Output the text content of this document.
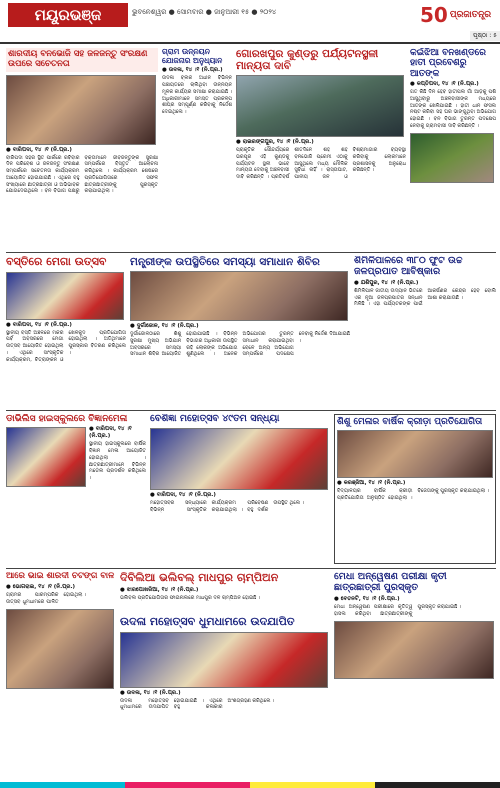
ମୟୂରଭଞ୍ଜ	ଭୁବନେଶ୍ୱର ● ସୋମବାର ● ଜାନୁଆରୀ ୧୫ ● ୨୦୨୪	50 ପ୍ରଜାତନ୍ତ୍ର
ପୃଷ୍ଠା : ୫
ଶାରଦୀୟ ବନଭୋଜି ସହ ଜଳଜନ୍ତୁ ସଂରକ୍ଷଣ ଉପରେ ସଚେତନତା
● ବାରିପଦା, ୧୪ ।୧ (ନି.ପ୍ର.)
ବାରିପଦା ସହର ସ୍ଥିତ ପାର୍କରେ ରବିବାର ଦିନ ପରିବେଶ ଓ ଜଳଜନ୍ତୁ ସଂରକ୍ଷଣ ସମ୍ପର୍କରେ ସଚେତନତା କାର୍ଯ୍ୟକ୍ରମ ଆୟୋଜିତ ହୋଇଯାଇଛି । ଏଥିରେ ବହୁ ସଂଖ୍ୟାରେ ଛାତ୍ରଛାତ୍ରୀ ଓ ଅଭିଭାବକ ଯୋଗଦେଇଥିଲେ । ବନ ବିଭାଗ ପକ୍ଷରୁ ବକ୍ତାମାନେ ଜୀବଜନ୍ତୁଙ୍କ ସୁରକ୍ଷା ସମ୍ପର୍କରେ ବିସ୍ତୃତ ଆଲୋଚନା କରିଥିଲେ । କାର୍ଯ୍ୟକ୍ରମ ଶେଷରେ ପ୍ରତିଯୋଗିତାରେ ସଫଳ ଛାତ୍ରଛାତ୍ରୀଙ୍କୁ ପୁରସ୍କୃତ କରାଯାଇଥିଲା ।
ଗ୍ରାମ ଉନ୍ନୟନ ଯୋଜନାର ଅନୁଧ୍ୟାନ
● ଉଦଳା, ୧୪ ।୧ (ନି.ପ୍ର.)
ଉଦଳା ବ୍ଲକ ଅଧୀନ ବିଭିନ୍ନ ପଞ୍ଚାୟତରେ ଚାଲିଥିବା ଉନ୍ନୟନ ମୂଳକ କାର୍ଯ୍ୟର ସମୀକ୍ଷା କରାଯାଇଛି । ଅଧିକାରୀମାନେ ସମସ୍ତ ପ୍ରକଳ୍ପ ଶୀଘ୍ର ସମ୍ପୂର୍ଣ୍ଣ କରିବାକୁ ନିର୍ଦ୍ଦେଶ ଦେଇଥିଲେ ।
ଗୋରଖପୁର କୁଣ୍ଡରୁ ପର୍ଯ୍ୟଟନସ୍ଥଳୀ ମାନ୍ୟତା ଦାବି
● ରାଇରଙ୍ଗପୁର, ୧୪ ।୧ (ନି.ପ୍ର.)
ପ୍ରାକୃତିକ ସୌନ୍ଦର୍ଯ୍ୟରେ ଭରପୂର ଏହି କୁଣ୍ଡକୁ ପର୍ଯ୍ୟଟନ ସ୍ଥଳୀ ଭାବେ ମାନ୍ୟତା ଦେବାକୁ ଅଞ୍ଚଳବାସୀ ଦାବି କରିଛନ୍ତି । ପ୍ରତିବର୍ଷ ଶୀତଦିନେ ଶହ ଶହ ବନଭୋଜି ପ୍ରେମୀ ଏଠାକୁ ଆସୁଥିଲେ ମଧ୍ୟ ମୌଳିକ ସୁବିଧା ନାହିଁ । ରାସ୍ତାଘାଟ, ପାନୀୟ ଜଳ ଓ ବିଶ୍ରାମାଗାର ବ୍ୟବସ୍ଥା କରିବାକୁ ଲୋକମାନେ ପ୍ରଶାସନକୁ ଅନୁରୋଧ କରିଛନ୍ତି ।
କଇଁଝିଆ ବନଖଣ୍ଡରେ ହାତୀ ପ୍ରବେଶରୁ ଆତଙ୍କ
● କପ୍ତିପଦା, ୧୪ ।୧ (ନି.ପ୍ର.)
ଗତ କିଛି ଦିନ ହେବ ହାତୀପଲ ଗାଁ ଆଡ଼କୁ ପଶି ଆସୁଥିବାରୁ ଅଞ୍ଚଳବାସୀଙ୍କ ମଧ୍ୟରେ ଆତଙ୍କ ଖେଳିଯାଇଛି । ହାତୀ ଧାନ ଫସଲ ନଷ୍ଟ କରିବା ସହ ଘର ଭାଙ୍ଗୁଥିବା ଅଭିଯୋଗ ହୋଇଛି । ବନ ବିଭାଗ ତୁରନ୍ତ ପଦକ୍ଷେପ ନେବାକୁ ଗ୍ରାମବାସୀ ଦାବି କରିଛନ୍ତି ।
ବସ୍ତିରେ ମେଗା ଉତ୍ସବ
● ବାରିପଦା, ୧୪ ।୧ (ନି.ପ୍ର.)
ସ୍ଥାନୀୟ ବସ୍ତି ଅଞ୍ଚଳରେ ମକର ପର୍ବ ଅବସରରେ ମେଗା ଉତ୍ସବ ଆୟୋଜିତ ହୋଇଥିଲା । ଏଥିରେ ସାଂସ୍କୃତିକ କାର୍ଯ୍ୟକ୍ରମ, ଚିତ୍ରାଙ୍କନ ଓ ଖେଳକୁଦ ପ୍ରତିଯୋଗିତା ହୋଇଥିଲା । ଅତିଥିମାନେ ପୁରସ୍କାର ବିତରଣ କରିଥିଲେ ।
ମନ୍ତ୍ରୀଙ୍କ ଉପସ୍ଥିତିରେ ସମସ୍ୟା ସମାଧାନ ଶିବିର
● ଦୁର୍ଗାଜୋଳ, ୧୪ ।୧ (ନି.ପ୍ର.)
ଦୁର୍ଗାଜୋଳଠାରେ ଶିଶୁ ସୁରକ୍ଷା ମୁଖ୍ୟ ଅଭିଯାନ ଅବସରରେ ସମସ୍ୟା ସମାଧାନ ଶିବିର ଆୟୋଜିତ ହୋଇଯାଇଛି । ବିଭିନ୍ନ ବିଭାଗର ଅଧିକାରୀ ଉପସ୍ଥିତ ରହି ଲୋକଙ୍କ ଅଭିଯୋଗ ଶୁଣିଥିଲେ । ଅନେକ ଅଭିଯୋଗର ତୁରନ୍ତ ସମାଧାନ କରାଯାଇଥିବା ବେଳେ ଅନ୍ୟ ଅଭିଯୋଗ ସମ୍ପର୍କରେ ପଦକ୍ଷେପ ନେବାକୁ ନିର୍ଦ୍ଦେଶ ଦିଆଯାଇଛି ।
ଶିମିଳିପାଳରେ ୩୮୦ ଫୁଟ ଉଚ୍ଚ ଜଳପ୍ରପାତ ଆବିଷ୍କାର
● ଯଶିପୁର, ୧୪ ।୧ (ନି.ପ୍ର.)
ଶିମିଳିପାଳ ଜାତୀୟ ଉଦ୍ୟାନ ଭିତରେ ଏକ ନୂଆ ଜଳପ୍ରପାତର ସନ୍ଧାନ ମିଳିଛି । ଏହା ପର୍ଯ୍ୟଟକଙ୍କ ପାଇଁ ଆକର୍ଷଣର କେନ୍ଦ୍ର ହେବ ବୋଲି ଆଶା କରାଯାଉଛି ।
ଡାଭିଲିସ ହାଇସ୍କୁଲରେ ବିଜ୍ଞାନମେଳା
● ବାରିପଦା, ୧୪ ।୧ (ନି.ପ୍ର.)
ସ୍ଥାନୀୟ ହାଇସ୍କୁଲରେ ବାର୍ଷିକ ବିଜ୍ଞାନ ମେଳା ଆୟୋଜିତ ହୋଇଥିଲା । ଛାତ୍ରଛାତ୍ରୀମାନେ ବିଭିନ୍ନ ମଡେଲ ପ୍ରଦର୍ଶନ କରିଥିଲେ ।
ବେଶିଜ୍ଞା ମହୋତ୍ସବ ୪୯ତମ ସନ୍ଧ୍ୟା
● ବାରିପଦା, ୧୪ ।୧ (ନି.ପ୍ର.)
ମହୋତ୍ସବର ସନ୍ଧ୍ୟାରେ ବିଭିନ୍ନ ସାଂସ୍କୃତିକ କାର୍ଯ୍ୟକ୍ରମ ପରିବେଷଣ କରାଯାଇଥିଲା । ବହୁ ଦର୍ଶକ ଉପସ୍ଥିତ ଥିଲେ ।
ଶିଶୁ ମେଳାର ବାର୍ଷିକ କ୍ରୀଡ଼ା ପ୍ରତିଯୋଗିତା
● କରଞ୍ଜିଆ, ୧୪ ।୧ (ନି.ପ୍ର.)
ବିଦ୍ୟାଳୟର ବାର୍ଷିକ କ୍ରୀଡ଼ା ପ୍ରତିଯୋଗିତା ଅନୁଷ୍ଠିତ ହୋଇଥିଲା । ବିଜେତାଙ୍କୁ ପୁରସ୍କୃତ କରାଯାଇଥିଲା ।
ଆରେ ଭାଇ ଶାରଦୀ ଚିଟିଙ୍ଗ ବାଳି
● ଭୋଗରାଇ, ୧୪ ।୧ (ନି.ପ୍ର.)
ଗ୍ରାମର ପାରମ୍ପରିକ ଉତ୍ସବ ଧୁମଧାମରେ ପାଳିତ ହୋଇଥିଲା ।
ଦିବିଲିଆ ଭଲିବଲ୍ ମାଧପୁର ଚାମ୍ପିଅନ
● ଝାରପୋଖରିଆ, ୧୪ ।୧ (ନି.ପ୍ର.)
ଭଲିବଲ ପ୍ରତିଯୋଗିତାର ଫାଇନାଲରେ ମାଧପୁର ଦଳ ଚାମ୍ପିଅନ ହୋଇଛି ।
ଉଦଳା ମହୋତ୍ସବ ଧୁମଧାମରେ ଉଦଯାପିତ
● ଉଦଳା, ୧୪ ।୧ (ନି.ପ୍ର.)
ଉଦଳା ମହୋତ୍ସବ ଧୁମଧାମରେ ଉଦଯାପିତ ହୋଇଯାଇଛି । ଏଥିରେ ବହୁ କଳାକାର ଅଂଶଗ୍ରହଣ କରିଥିଲେ ।
ମେଧା ଅନ୍ୱେଷଣ ପରୀକ୍ଷା କୃତୀ ଛାତ୍ରଛାତ୍ରୀ ପୁରସ୍କୃତ
● ବେତନଟି, ୧୪ ।୧ (ନି.ପ୍ର.)
ମେଧା ଅନ୍ୱେଷଣ ପରୀକ୍ଷାରେ କୃତିତ୍ୱ ହାସଲ କରିଥିବା ଛାତ୍ରଛାତ୍ରୀଙ୍କୁ ପୁରସ୍କୃତ କରାଯାଇଛି ।
